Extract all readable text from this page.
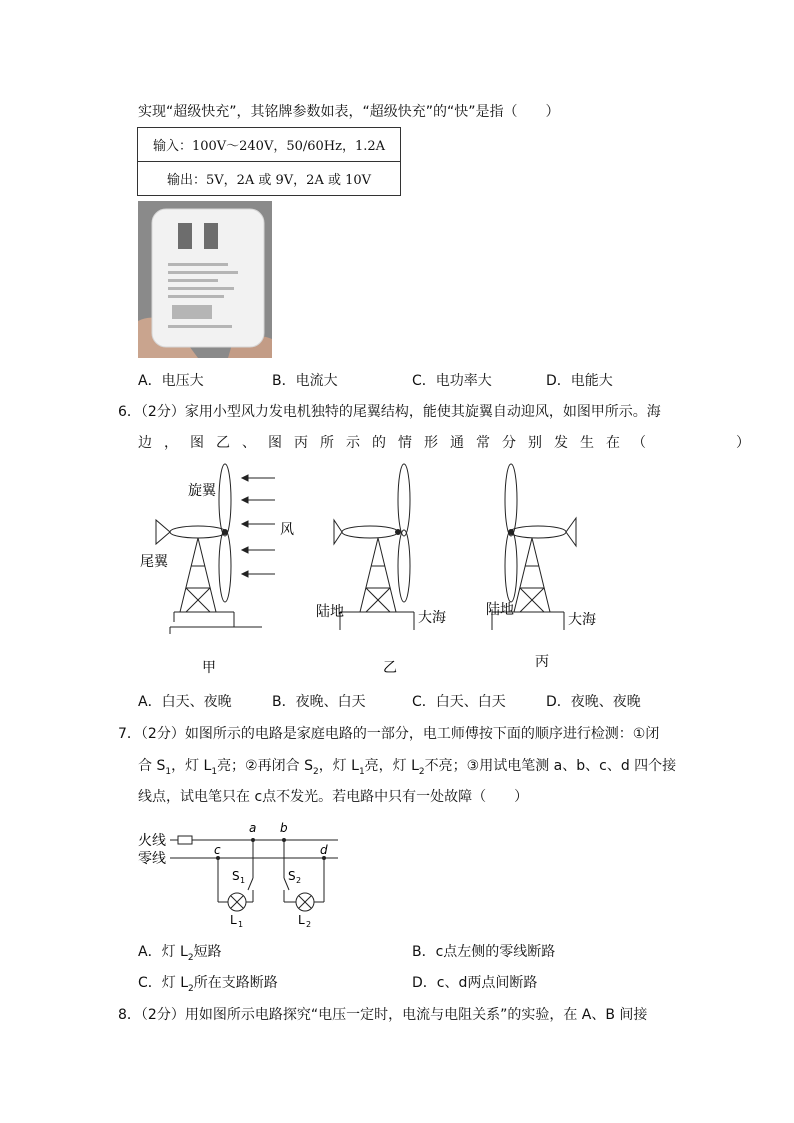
实现“超级快充”，其铭牌参数如表，“超级快充”的“快”是指（　　）
输入：100V～240V，50/60Hz，1.2A
输出：5V，2A 或 9V，2A 或 10V
A．电压大	B．电流大	C．电功率大	D．电能大
6．（2分）家用小型风力发电机独特的尾翼结构，能使其旋翼自动迎风，如图甲所示。海
边，图乙、图丙所示的情形通常分别发生在（　　　）
旋翼
风
尾翼
陆地	大海	陆地
大海
甲	乙	丙
A．白天、夜晚	B．夜晚、白天	C．白天、白天	D．夜晚、夜晚
7．（2分）如图所示的电路是家庭电路的一部分，电工师傅按下面的顺序进行检测：①闭
合 $S_1$，灯 $L_1$亮；②再闭合 $S_2$，灯 $L_1$亮，灯 $L_2$不亮；③用试电笔测 a、b、c、d 四个接
线点，试电笔只在 c点不发光。若电路中只有一处故障（　　）
火线
零线
a b
c	d
S 1	S 2
L 1	L 2
A．灯 $L_2$短路	B．c点左侧的零线断路
C．灯 $L_2$所在支路断路	D．c、d两点间断路
8．（2分）用如图所示电路探究“电压一定时，电流与电阻关系”的实验，在 A、B 间接
